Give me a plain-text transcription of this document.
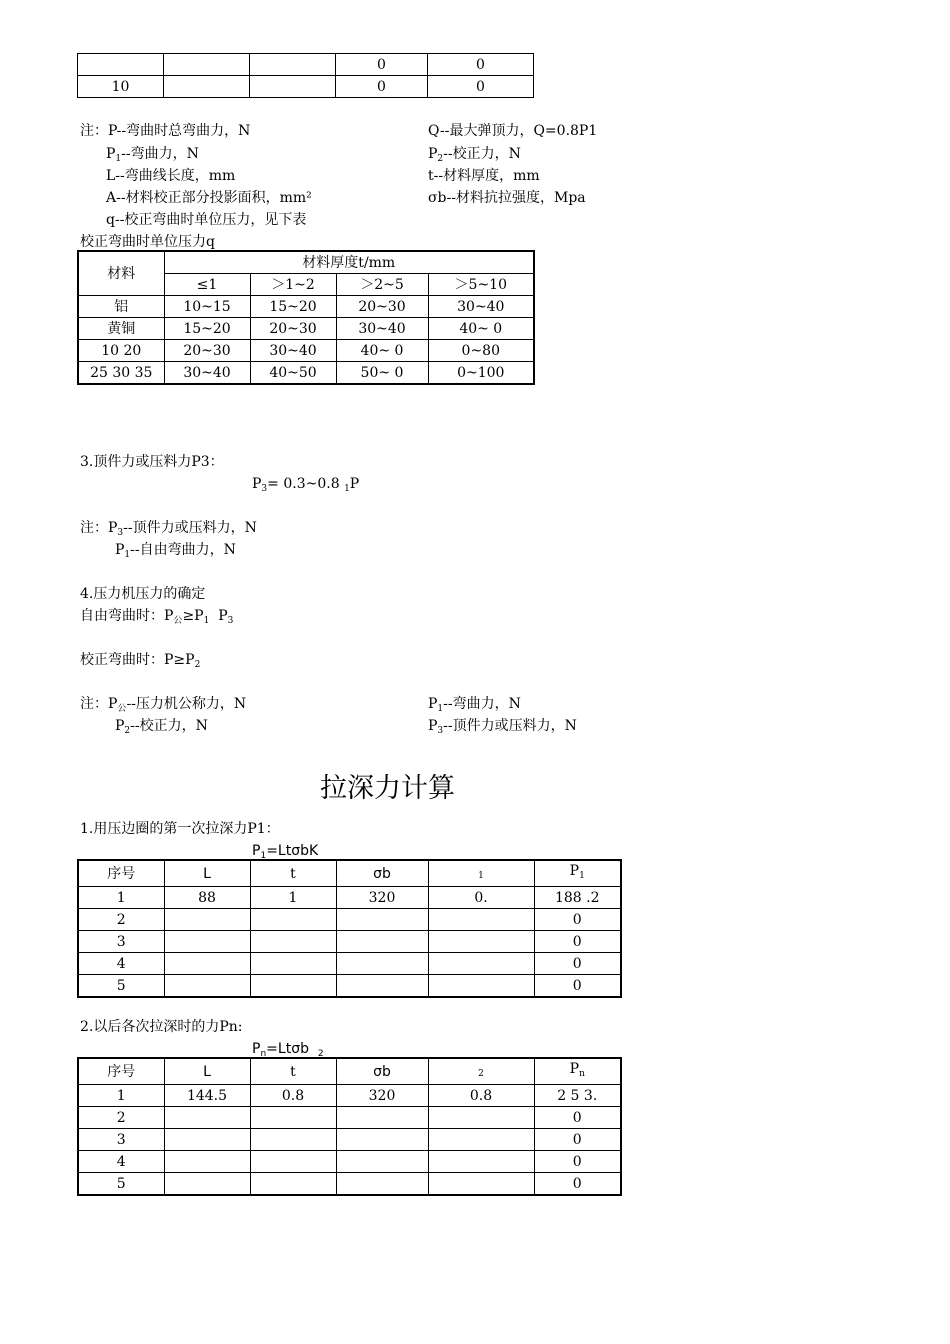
			0	0
10			0	0
注：P--弯曲时总弯曲力，N	Q--最大弹顶力，Q=0.8P1
$P_1--$弯曲力，N	$P_2--$校正力，N
L--弯曲线长度，mm	t--材料厚度，mm
A--材料校正部分投影面积，mm²	σb--材料抗拉强度，Mpa
q--校正弯曲时单位压力，见下表
校正弯曲时单位压力q
材料	材料厚度t/mm			
	≤1	＞1~2	＞2~5	＞5~10
铝	10~15	15~20	20~30	30~40
黄铜	15~20	20~30	30~40	40~ 0
10 20	20~30	30~40	40~ 0	0~80
25 30 35	30~40	40~50	50~ 0	0~100
3.顶件力或压料力P3：
$P_3=$ 0.3~0.8 $_1$P
注：$P_3--$顶件力或压料力，N
$P_1--$自由弯曲力，N
4.压力机压力的确定
自由弯曲时：$P_公\ge P_1$ $P_3$
校正弯曲时：$P\ge P_2$
注：$P_公--$压力机公称力，N	$P_1--$弯曲力，N
$P_2--$校正力，N	$P_3--$顶件力或压料力，N
拉深力计算
1.用压边圈的第一次拉深力P1：
$P_1=Lt\sigma bK$
序号	L	t	σb	$_1$	$P_1$
1	88	1	320	0.	188 .2
2					0
3					0
4					0
5					0
2.以后各次拉深时的力Pn:
$P_n=Lt\sigma b$ $_2$
序号	L	t	σb	$_2$	$P_n$
1	144.5	0.8	320	0.8	2 5 3.
2					0
3					0
4					0
5					0
